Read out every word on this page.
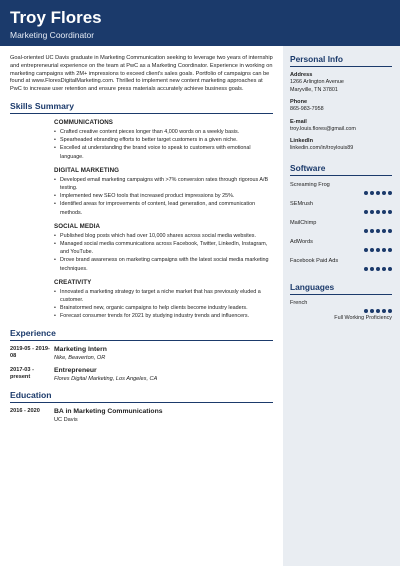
Troy Flores
Marketing Coordinator

Goal-oriented UC Davis graduate in Marketing Communication seeking to leverage two years of internship and entrepreneurial experience on the team at PwC as a Marketing Coordinator. Experience in working on marketing campaigns with 2M+ impressions to exceed client's sales goals. Portfolio of campaigns can be found at www.FloresDigitalMarketing.com. Thrilled to implement new content marketing approaches at PwC to increase user retention and ensure press materials accurately achieve business goals.

Skills Summary
COMMUNICATIONS
• Crafted creative content pieces longer than 4,000 words on a weekly basis.
• Spearheaded ebranding efforts to better target customers in a given niche.
• Excelled at understanding the brand voice to speak to customers with emotional language.
DIGITAL MARKETING
• Developed email marketing campaigns with >7% conversion rates through rigorous A/B testing.
• Implemented new SEO tools that increased product impressions by 25%.
• Identified areas for improvements of content, lead generation, and communication methods.
SOCIAL MEDIA
• Published blog posts which had over 10,000 shares across social media websites.
• Managed social media communications across Facebook, Twitter, LinkedIn, Instagram, and YouTube.
• Drove brand awareness on marketing campaigns with the latest social media marketing techniques.
CREATIVITY
• Innovated a marketing strategy to target a niche market that has previously eluded a customer.
• Brainstormed new, organic campaigns to help clients become industry leaders.
• Forecast consumer trends for 2021 by studying industry trends and influencers.
Experience
2019-05 - 2019-08
Marketing Intern
Nike, Beaverton, OR
2017-03 - present
Entrepreneur
Flores Digital Marketing, Los Angeles, CA
Education
2016 - 2020	BA in Marketing Communications
UC Davis
Personal Info
Address
1266 Arlington Avenue
Maryville, TN 37801
Phone
865-983-7958
E-mail
troy.louis.flores@gmail.com
LinkedIn
linkedin.com/in/troylouis89
Software
Screaming Frog
SEMrush
MailChimp
AdWords
Facebook Paid Ads
Languages
French
Full Working Proficiency
